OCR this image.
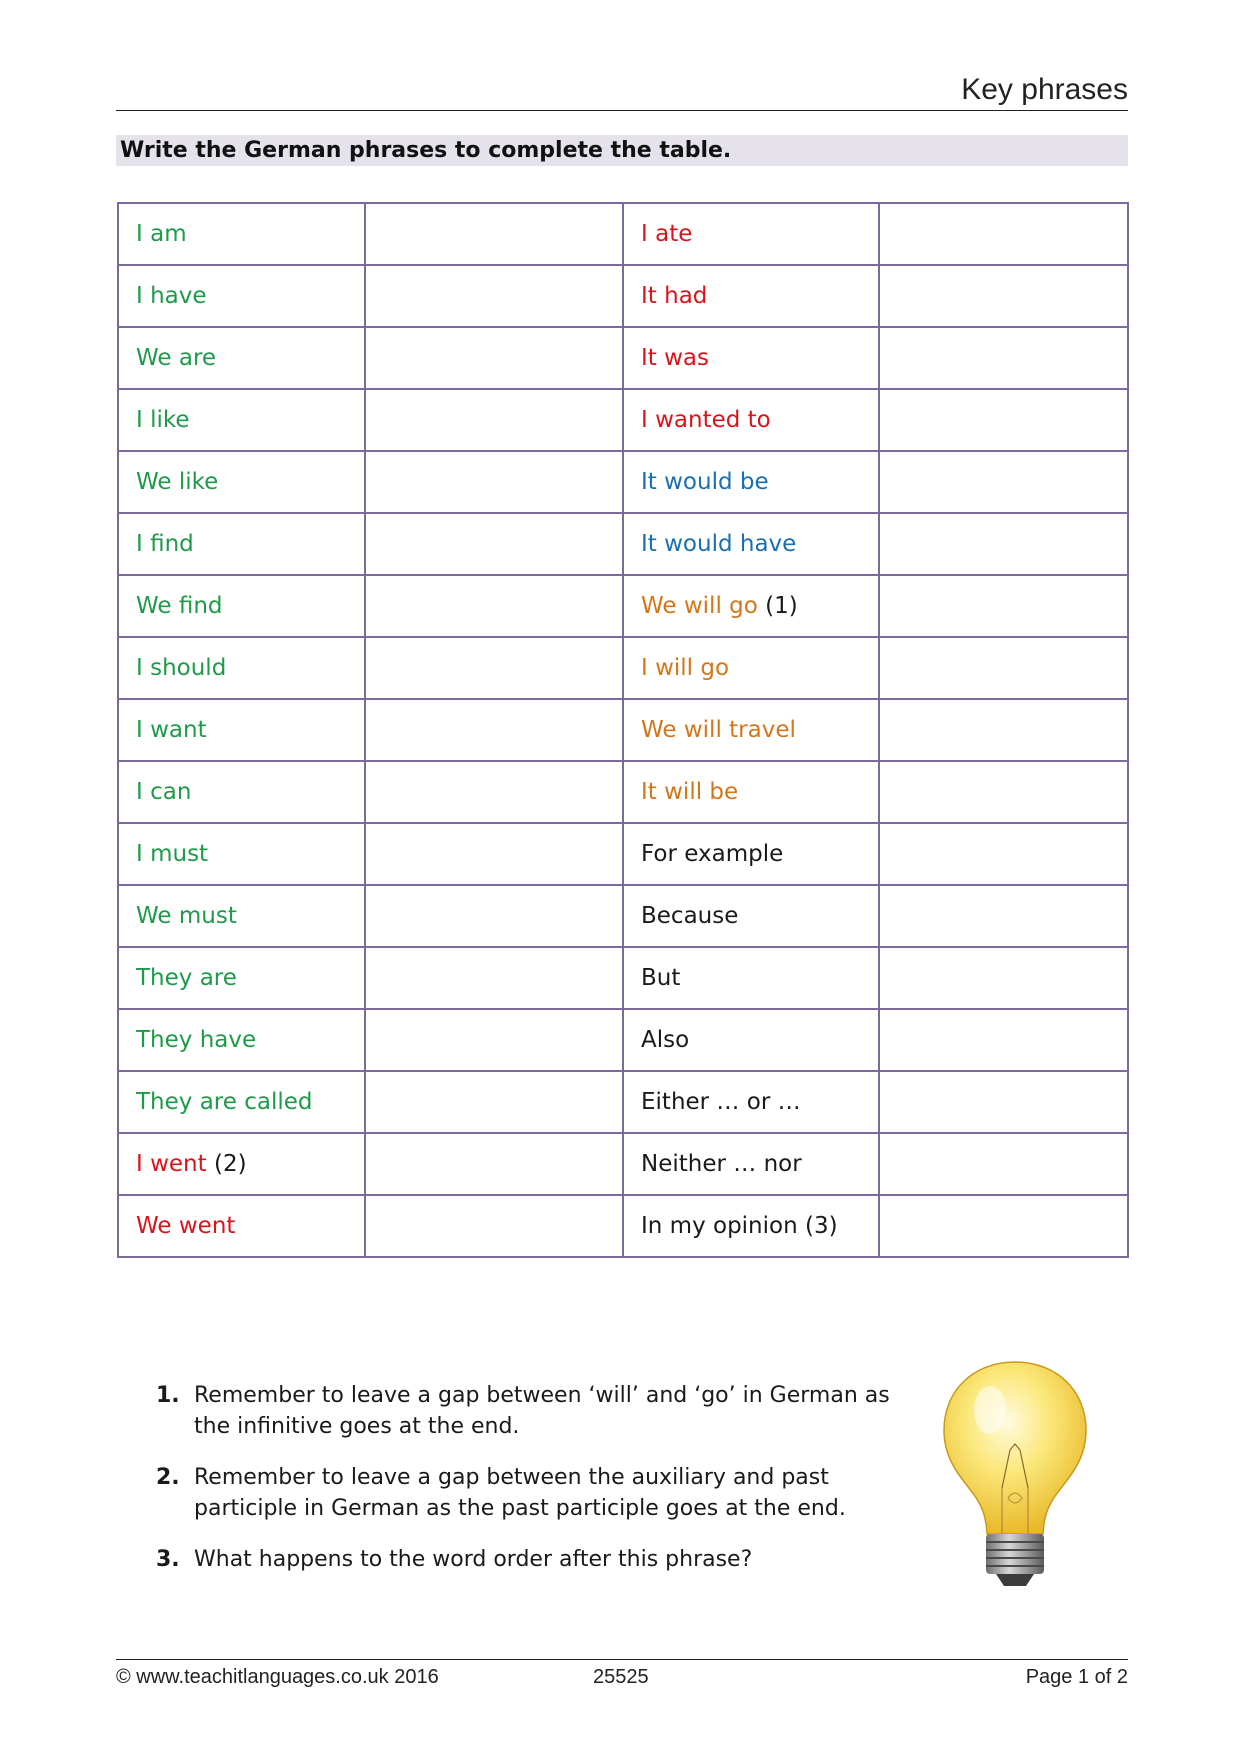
Key phrases
Write the German phrases to complete the table.
I am		I ate	
I have		It had	
We are		It was	
I like		I wanted to	
We like		It would be	
I find		It would have	
We find		We will go (1)	
I should		I will go	
I want		We will travel	
I can		It will be	
I must		For example	
We must		Because	
They are		But	
They have		Also	
They are called		Either … or …	
I went (2)		Neither … nor	
We went		In my opinion (3)	
1. Remember to leave a gap between ‘will’ and ‘go’ in German as the infinitive goes at the end.
2. Remember to leave a gap between the auxiliary and past participle in German as the past participle goes at the end.
3. What happens to the word order after this phrase?
© www.teachitlanguages.co.uk 2016	25525	Page 1 of 2
